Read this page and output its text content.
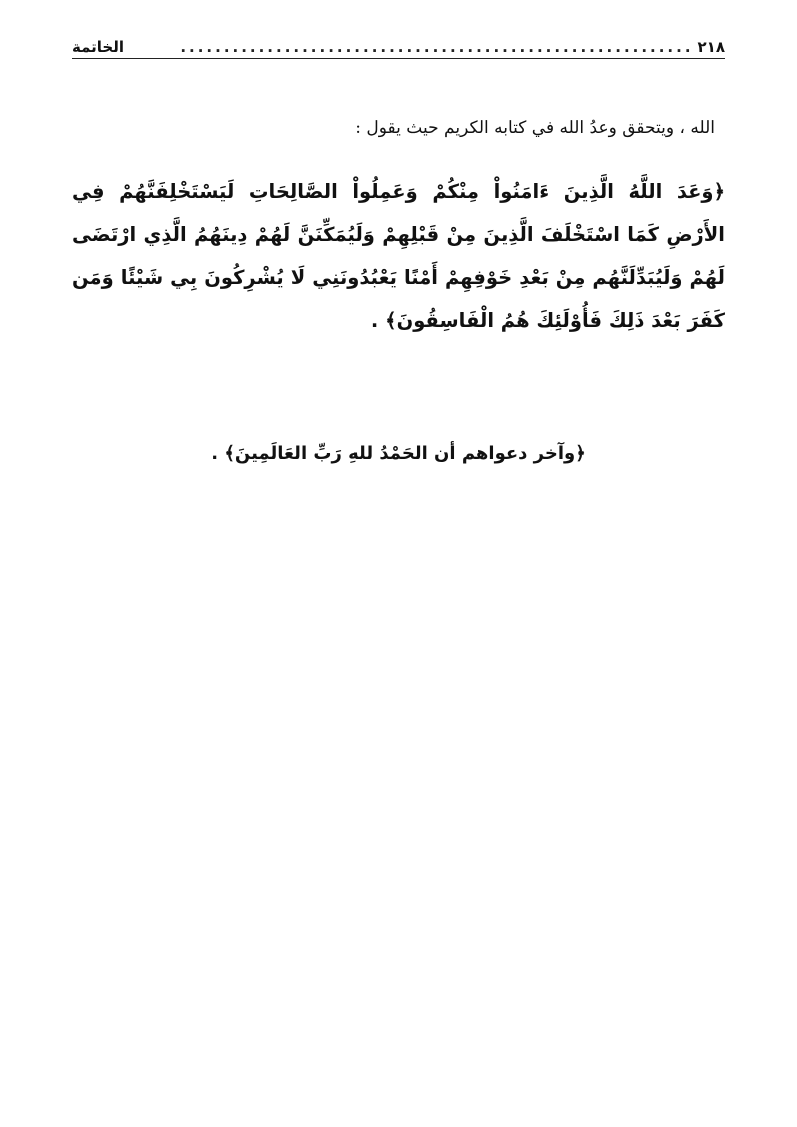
٢١٨
...........................................................
الخاتمة

الله ، ويتحقق وعدُ الله في كتابه الكريم حيث يقول :

﴿وَعَدَ اللَّهُ الَّذِينَ ءَامَنُواْ مِنْكُمْ وَعَمِلُواْ الصَّالِحَاتِ لَيَسْتَخْلِفَنَّهُمْ فِي الأَرْضِ كَمَا اسْتَخْلَفَ الَّذِينَ مِنْ قَبْلِهِمْ وَلَيُمَكِّنَنَّ لَهُمْ دِينَهُمُ الَّذِي ارْتَضَى لَهُمْ وَلَيُبَدِّلَنَّهُم مِنْ بَعْدِ خَوْفِهِمْ أَمْنًا يَعْبُدُونَنِي لَا يُشْرِكُونَ بِي شَيْئًا وَمَن كَفَرَ بَعْدَ ذَلِكَ فَأُوْلَئِكَ هُمُ الْفَاسِقُونَ﴾ .

﴿وآخر دعواهم أن الحَمْدُ للهِ رَبِّ العَالَمِينَ﴾ .
